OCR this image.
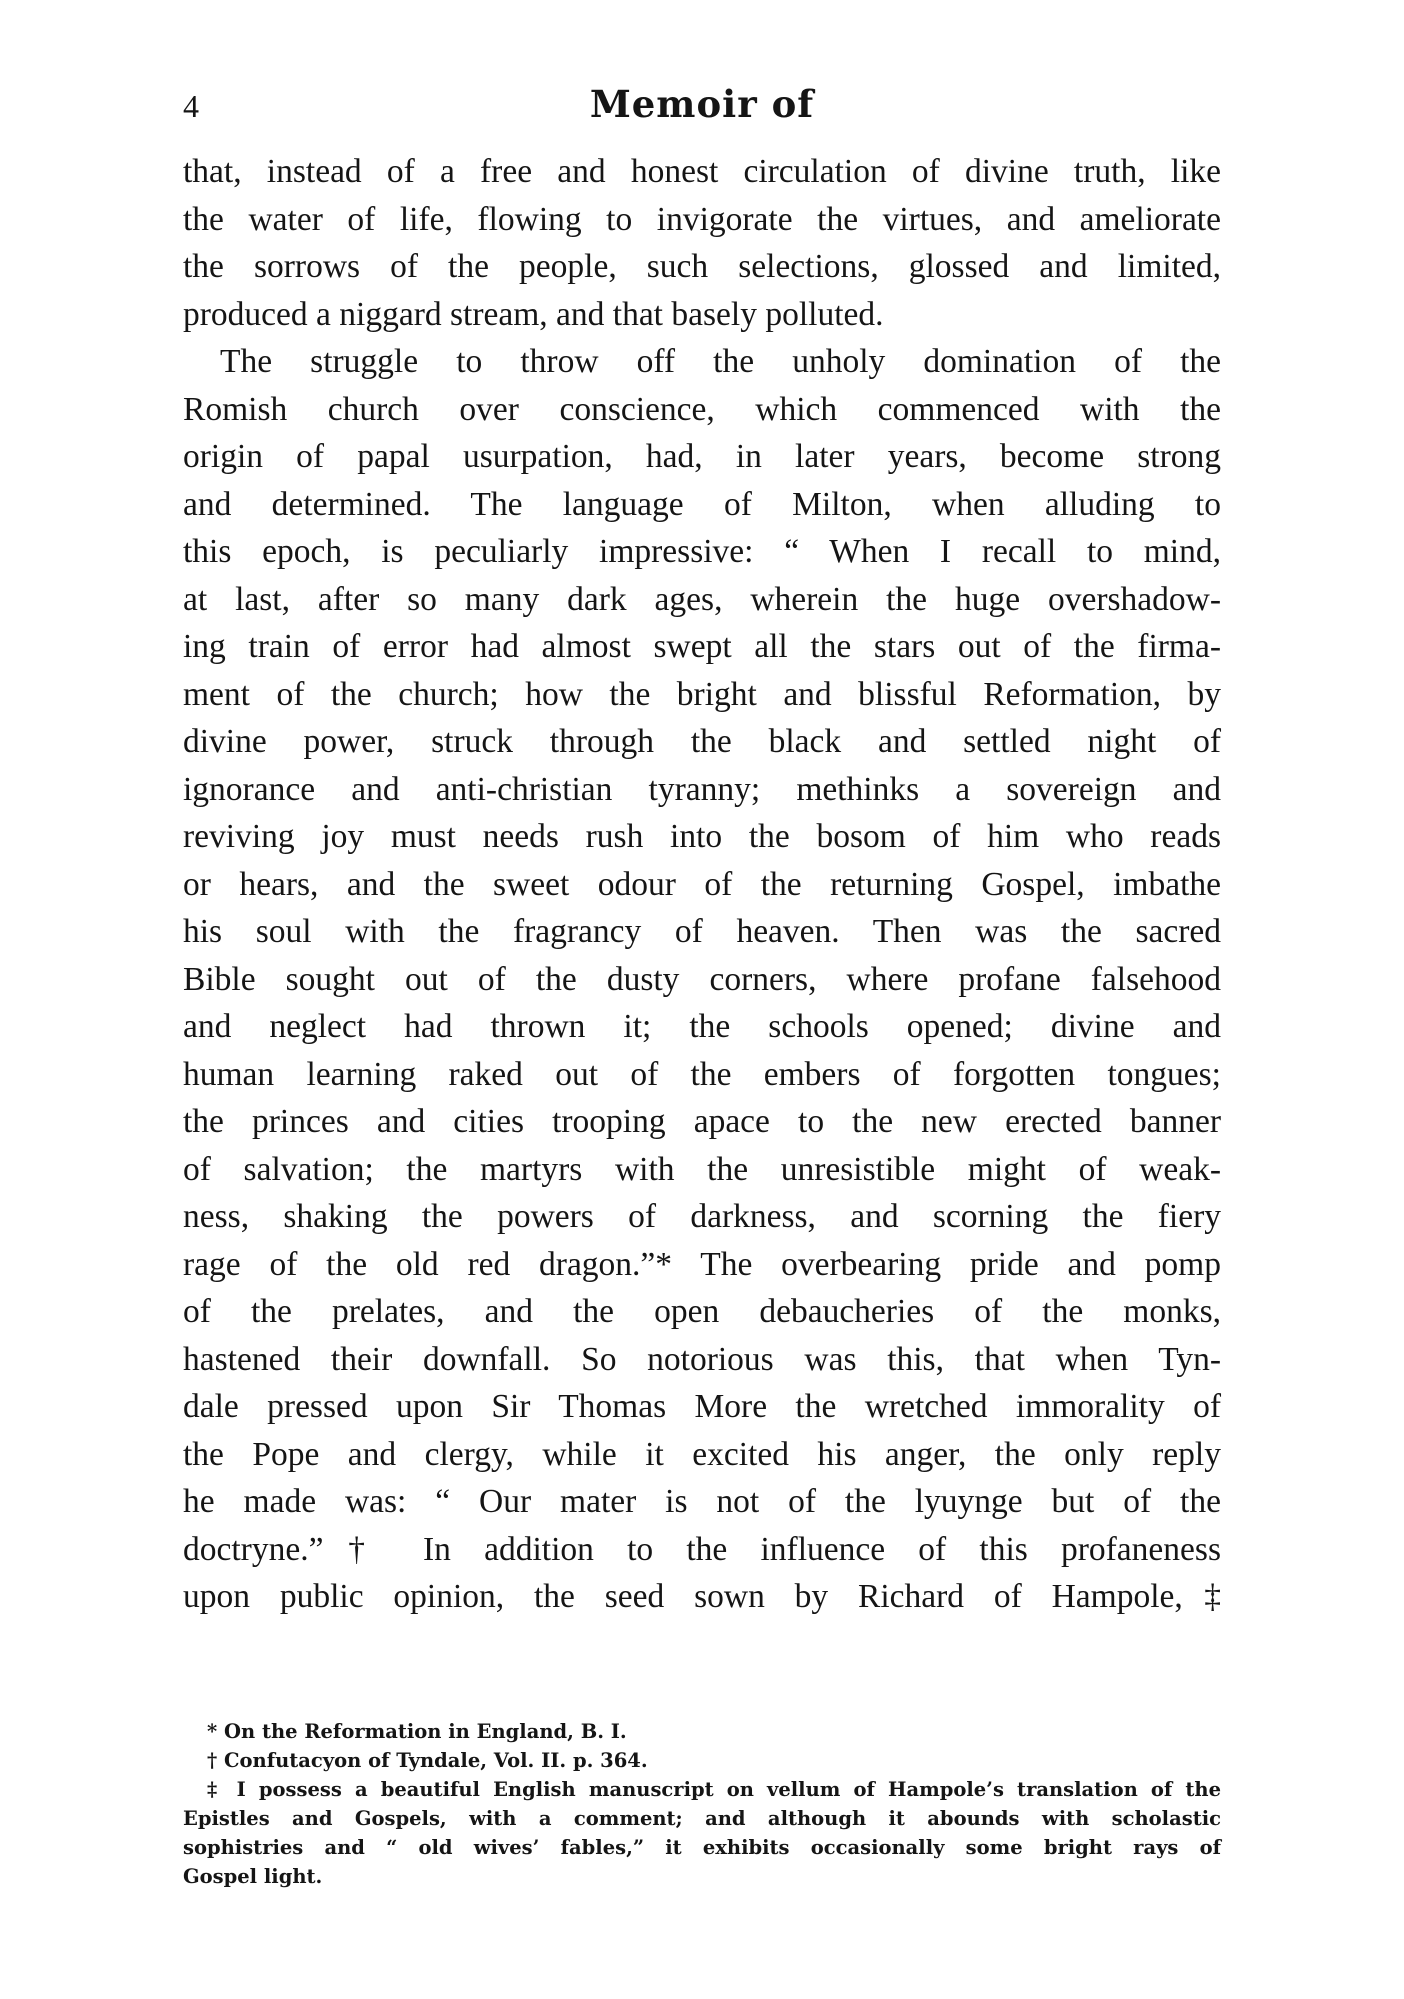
4	Memoir of
that, instead of a free and honest circulation of divine truth, like
the water of life, flowing to invigorate the virtues, and ameliorate
the sorrows of the people, such selections, glossed and limited,
produced a niggard stream, and that basely polluted.
The struggle to throw off the unholy domination of the
Romish church over conscience, which commenced with the
origin of papal usurpation, had, in later years, become strong
and determined. The language of Milton, when alluding to
this epoch, is peculiarly impressive: “ When I recall to mind,
at last, after so many dark ages, wherein the huge overshadow-
ing train of error had almost swept all the stars out of the firma-
ment of the church; how the bright and blissful Reformation, by
divine power, struck through the black and settled night of
ignorance and anti-christian tyranny; methinks a sovereign and
reviving joy must needs rush into the bosom of him who reads
or hears, and the sweet odour of the returning Gospel, imbathe
his soul with the fragrancy of heaven. Then was the sacred
Bible sought out of the dusty corners, where profane falsehood
and neglect had thrown it; the schools opened; divine and
human learning raked out of the embers of forgotten tongues;
the princes and cities trooping apace to the new erected banner
of salvation; the martyrs with the unresistible might of weak-
ness, shaking the powers of darkness, and scorning the fiery
rage of the old red dragon.”* The overbearing pride and pomp
of the prelates, and the open debaucheries of the monks,
hastened their downfall. So notorious was this, that when Tyn-
dale pressed upon Sir Thomas More the wretched immorality of
the Pope and clergy, while it excited his anger, the only reply
he made was: “ Our mater is not of the lyuynge but of the
doctryne.”† In addition to the influence of this profaneness
upon public opinion, the seed sown by Richard of Hampole,‡
* On the Reformation in England, B. I.
† Confutacyon of Tyndale, Vol. II. p. 364.
‡ I possess a beautiful English manuscript on vellum of Hampole’s translation of the
Epistles and Gospels, with a comment; and although it abounds with scholastic
sophistries and “ old wives’ fables,” it exhibits occasionally some bright rays of
Gospel light.
